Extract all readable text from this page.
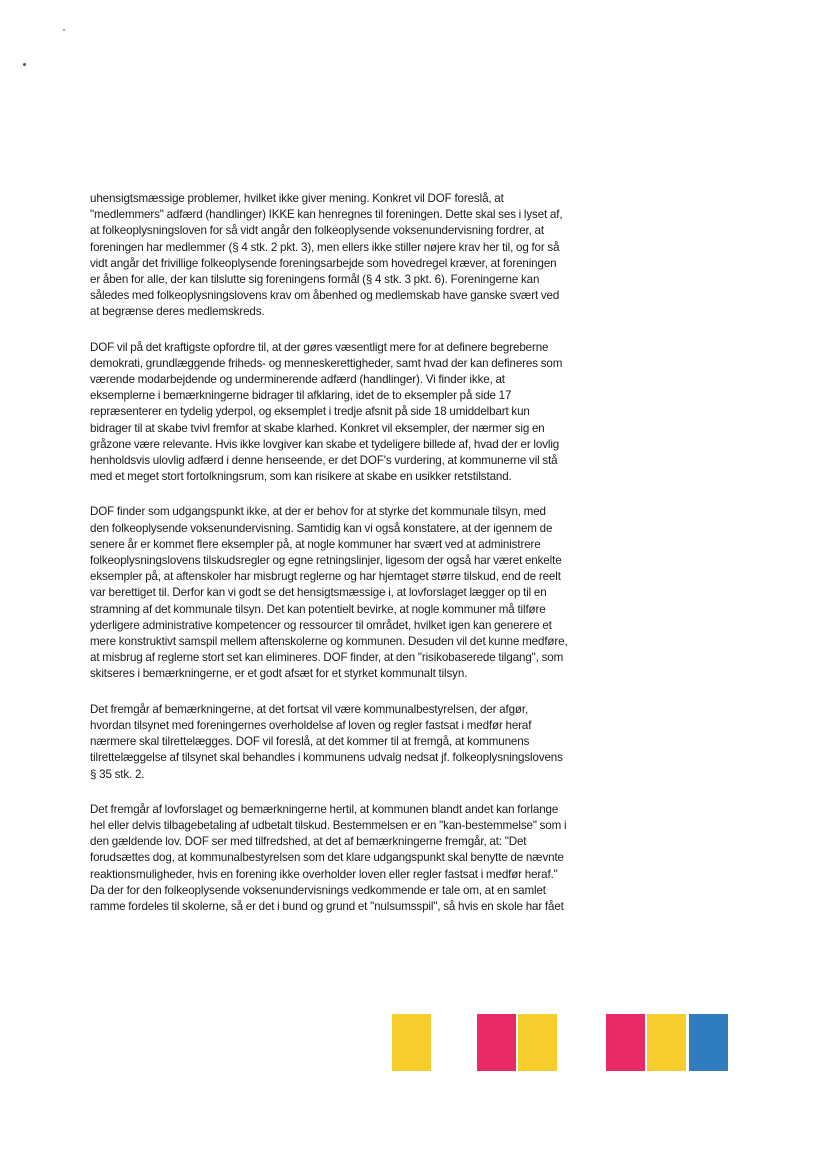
uhensigtsmæssige problemer, hvilket ikke giver mening. Konkret vil DOF foreslå, at
"medlemmers" adfærd (handlinger) IKKE kan henregnes til foreningen. Dette skal ses i lyset af,
at folkeoplysningsloven for så vidt angår den folkeoplysende voksenundervisning fordrer, at
foreningen har medlemmer (§ 4 stk. 2 pkt. 3), men ellers ikke stiller nøjere krav her til, og for så
vidt angår det frivillige folkeoplysende foreningsarbejde som hovedregel kræver, at foreningen
er åben for alle, der kan tilslutte sig foreningens formål (§ 4 stk. 3 pkt. 6). Foreningerne kan
således med folkeoplysningslovens krav om åbenhed og medlemskab have ganske svært ved
at begrænse deres medlemskreds.

DOF vil på det kraftigste opfordre til, at der gøres væsentligt mere for at definere begreberne
demokrati, grundlæggende friheds- og menneskerettigheder, samt hvad der kan defineres som
værende modarbejdende og underminerende adfærd (handlinger). Vi finder ikke, at
eksemplerne i bemærkningerne bidrager til afklaring, idet de to eksempler på side 17
repræsenterer en tydelig yderpol, og eksemplet i tredje afsnit på side 18 umiddelbart kun
bidrager til at skabe tvivl fremfor at skabe klarhed. Konkret vil eksempler, der nærmer sig en
gråzone være relevante. Hvis ikke lovgiver kan skabe et tydeligere billede af, hvad der er lovlig
henholdsvis ulovlig adfærd i denne henseende, er det DOF's vurdering, at kommunerne vil stå
med et meget stort fortolkningsrum, som kan risikere at skabe en usikker retstilstand.

DOF finder som udgangspunkt ikke, at der er behov for at styrke det kommunale tilsyn, med
den folkeoplysende voksenundervisning. Samtidig kan vi også konstatere, at der igennem de
senere år er kommet flere eksempler på, at nogle kommuner har svært ved at administrere
folkeoplysningslovens tilskudsregler og egne retningslinjer, ligesom der også har været enkelte
eksempler på, at aftenskoler har misbrugt reglerne og har hjemtaget større tilskud, end de reelt
var berettiget til. Derfor kan vi godt se det hensigtsmæssige i, at lovforslaget lægger op til en
stramning af det kommunale tilsyn. Det kan potentielt bevirke, at nogle kommuner må tilføre
yderligere administrative kompetencer og ressourcer til området, hvilket igen kan generere et
mere konstruktivt samspil mellem aftenskolerne og kommunen. Desuden vil det kunne medføre,
at misbrug af reglerne stort set kan elimineres. DOF finder, at den "risikobaserede tilgang", som
skitseres i bemærkningerne, er et godt afsæt for et styrket kommunalt tilsyn.

Det fremgår af bemærkningerne, at det fortsat vil være kommunalbestyrelsen, der afgør,
hvordan tilsynet med foreningernes overholdelse af loven og regler fastsat i medfør heraf
nærmere skal tilrettelægges. DOF vil foreslå, at det kommer til at fremgå, at kommunens
tilrettelæggelse af tilsynet skal behandles i kommunens udvalg nedsat jf. folkeoplysningslovens
§ 35 stk. 2.

Det fremgår af lovforslaget og bemærkningerne hertil, at kommunen blandt andet kan forlange
hel eller delvis tilbagebetaling af udbetalt tilskud. Bestemmelsen er en "kan-bestemmelse" som i
den gældende lov. DOF ser med tilfredshed, at det af bemærkningerne fremgår, at: "Det
forudsættes dog, at kommunalbestyrelsen som det klare udgangspunkt skal benytte de nævnte
reaktionsmuligheder, hvis en forening ikke overholder loven eller regler fastsat i medfør heraf."
Da der for den folkeoplysende voksenundervisnings vedkommende er tale om, at en samlet
ramme fordeles til skolerne, så er det i bund og grund et "nulsumsspil", så hvis en skole har fået
